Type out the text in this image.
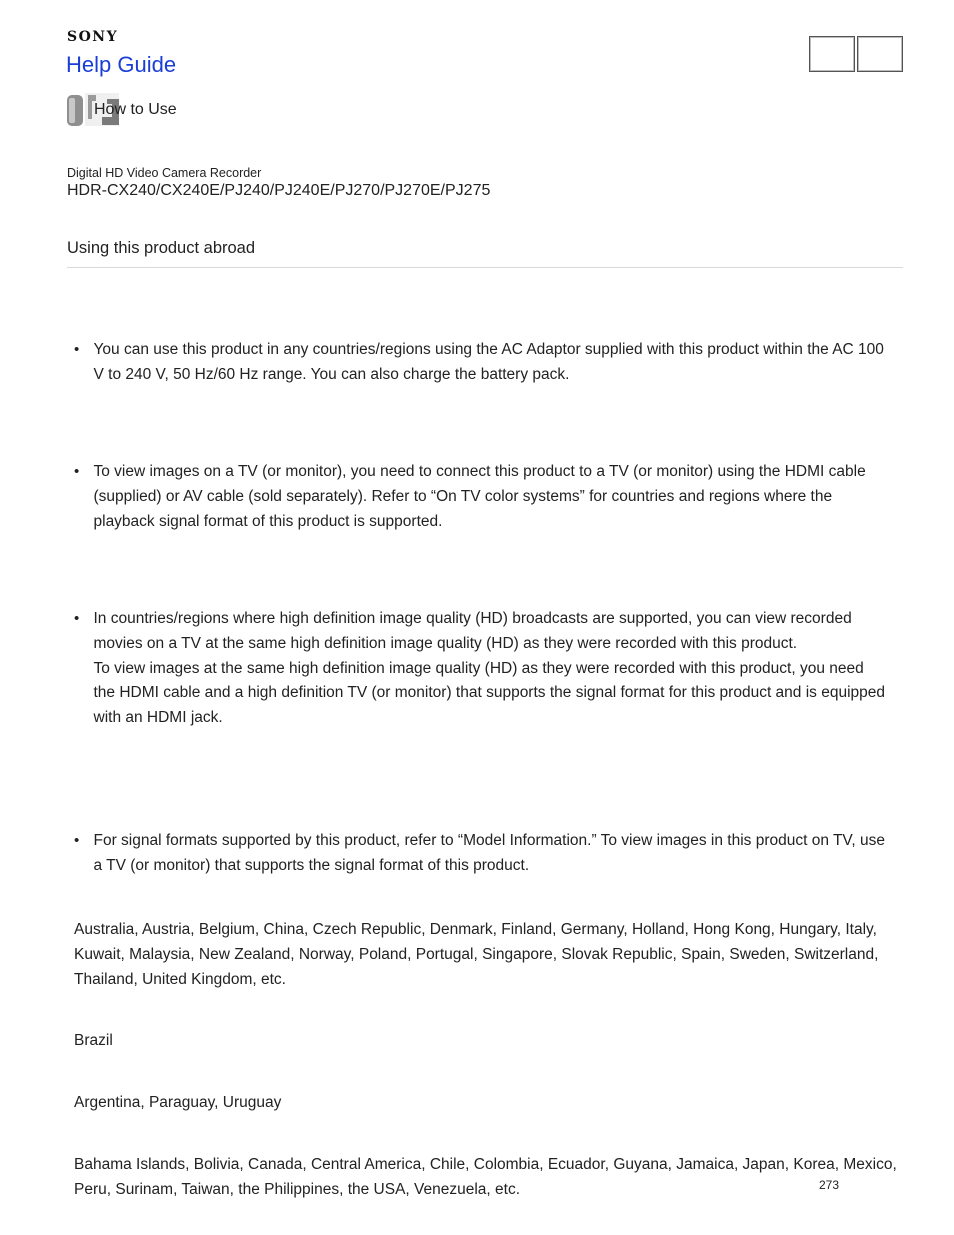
SONY
Help Guide
How to Use
Digital HD Video Camera Recorder
HDR-CX240/CX240E/PJ240/PJ240E/PJ270/PJ270E/PJ275
Using this product abroad
• You can use this product in any countries/regions using the AC Adaptor supplied with this product within the AC 100 V to 240 V, 50 Hz/60 Hz range. You can also charge the battery pack.
• To view images on a TV (or monitor), you need to connect this product to a TV (or monitor) using the HDMI cable (supplied) or AV cable (sold separately). Refer to “On TV color systems” for countries and regions where the playback signal format of this product is supported.
• In countries/regions where high definition image quality (HD) broadcasts are supported, you can view recorded movies on a TV at the same high definition image quality (HD) as they were recorded with this product.
To view images at the same high definition image quality (HD) as they were recorded with this product, you need the HDMI cable and a high definition TV (or monitor) that supports the signal format for this product and is equipped with an HDMI jack.
• For signal formats supported by this product, refer to “Model Information.” To view images in this product on TV, use a TV (or monitor) that supports the signal format of this product.
Australia, Austria, Belgium, China, Czech Republic, Denmark, Finland, Germany, Holland, Hong Kong, Hungary, Italy, Kuwait, Malaysia, New Zealand, Norway, Poland, Portugal, Singapore, Slovak Republic, Spain, Sweden, Switzerland, Thailand, United Kingdom, etc.
Brazil
Argentina, Paraguay, Uruguay
Bahama Islands, Bolivia, Canada, Central America, Chile, Colombia, Ecuador, Guyana, Jamaica, Japan, Korea, Mexico, Peru, Surinam, Taiwan, the Philippines, the USA, Venezuela, etc.	273
